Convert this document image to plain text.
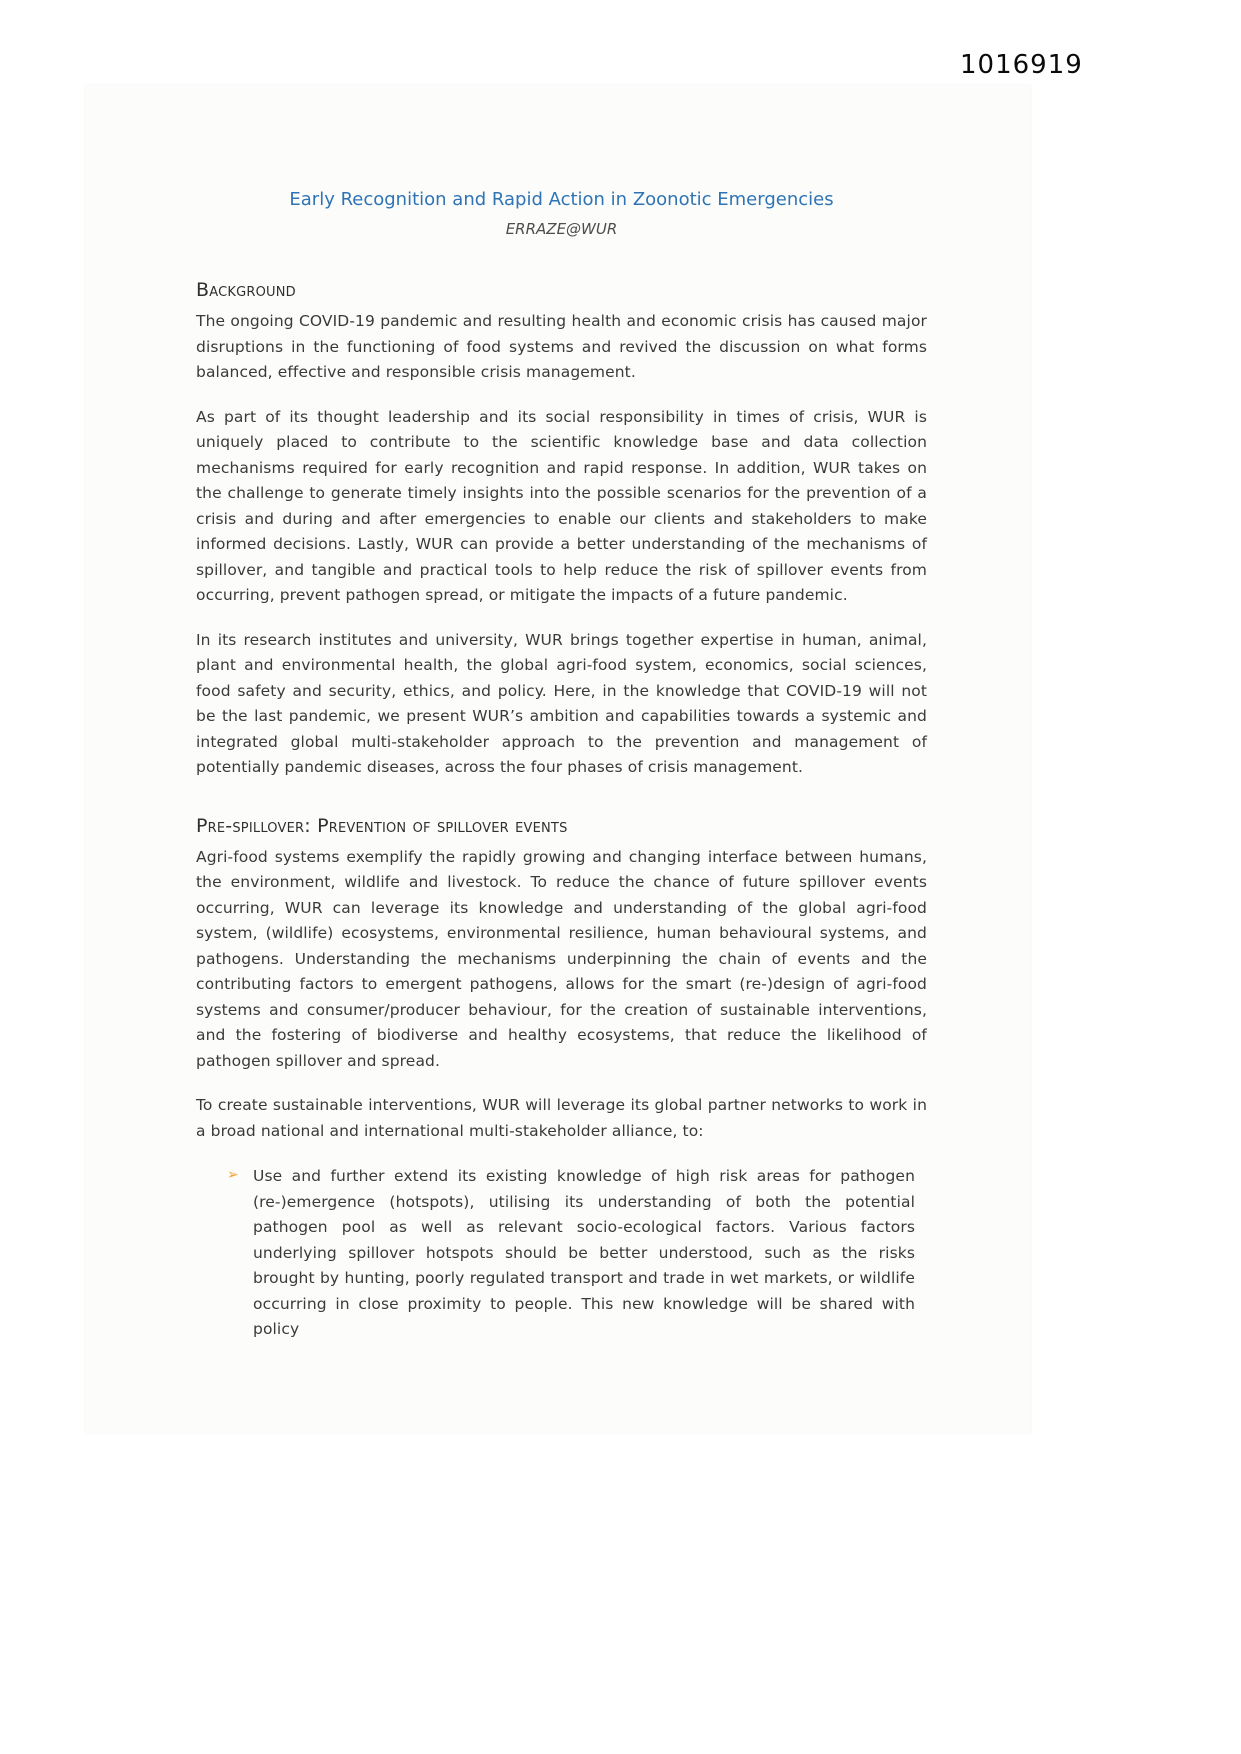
1016919
Early Recognition and Rapid Action in Zoonotic Emergencies
ERRAZE@WUR
Background

The ongoing COVID-19 pandemic and resulting health and economic crisis has caused major disruptions in the functioning of food systems and revived the discussion on what forms balanced, effective and responsible crisis management.

As part of its thought leadership and its social responsibility in times of crisis, WUR is uniquely placed to contribute to the scientific knowledge base and data collection mechanisms required for early recognition and rapid response. In addition, WUR takes on the challenge to generate timely insights into the possible scenarios for the prevention of a crisis and during and after emergencies to enable our clients and stakeholders to make informed decisions. Lastly, WUR can provide a better understanding of the mechanisms of spillover, and tangible and practical tools to help reduce the risk of spillover events from occurring, prevent pathogen spread, or mitigate the impacts of a future pandemic.

In its research institutes and university, WUR brings together expertise in human, animal, plant and environmental health, the global agri-food system, economics, social sciences, food safety and security, ethics, and policy. Here, in the knowledge that COVID-19 will not be the last pandemic, we present WUR’s ambition and capabilities towards a systemic and integrated global multi-stakeholder approach to the prevention and management of potentially pandemic diseases, across the four phases of crisis management.

Pre-spillover: Prevention of spillover events

Agri-food systems exemplify the rapidly growing and changing interface between humans, the environment, wildlife and livestock. To reduce the chance of future spillover events occurring, WUR can leverage its knowledge and understanding of the global agri-food system, (wildlife) ecosystems, environmental resilience, human behavioural systems, and pathogens. Understanding the mechanisms underpinning the chain of events and the contributing factors to emergent pathogens, allows for the smart (re-)design of agri-food systems and consumer/producer behaviour, for the creation of sustainable interventions, and the fostering of biodiverse and healthy ecosystems, that reduce the likelihood of pathogen spillover and spread.

To create sustainable interventions, WUR will leverage its global partner networks to work in a broad national and international multi-stakeholder alliance, to:

➢ Use and further extend its existing knowledge of high risk areas for pathogen (re-)emergence (hotspots), utilising its understanding of both the potential pathogen pool as well as relevant socio-ecological factors. Various factors underlying spillover hotspots should be better understood, such as the risks brought by hunting, poorly regulated transport and trade in wet markets, or wildlife occurring in close proximity to people. This new knowledge will be shared with policy
